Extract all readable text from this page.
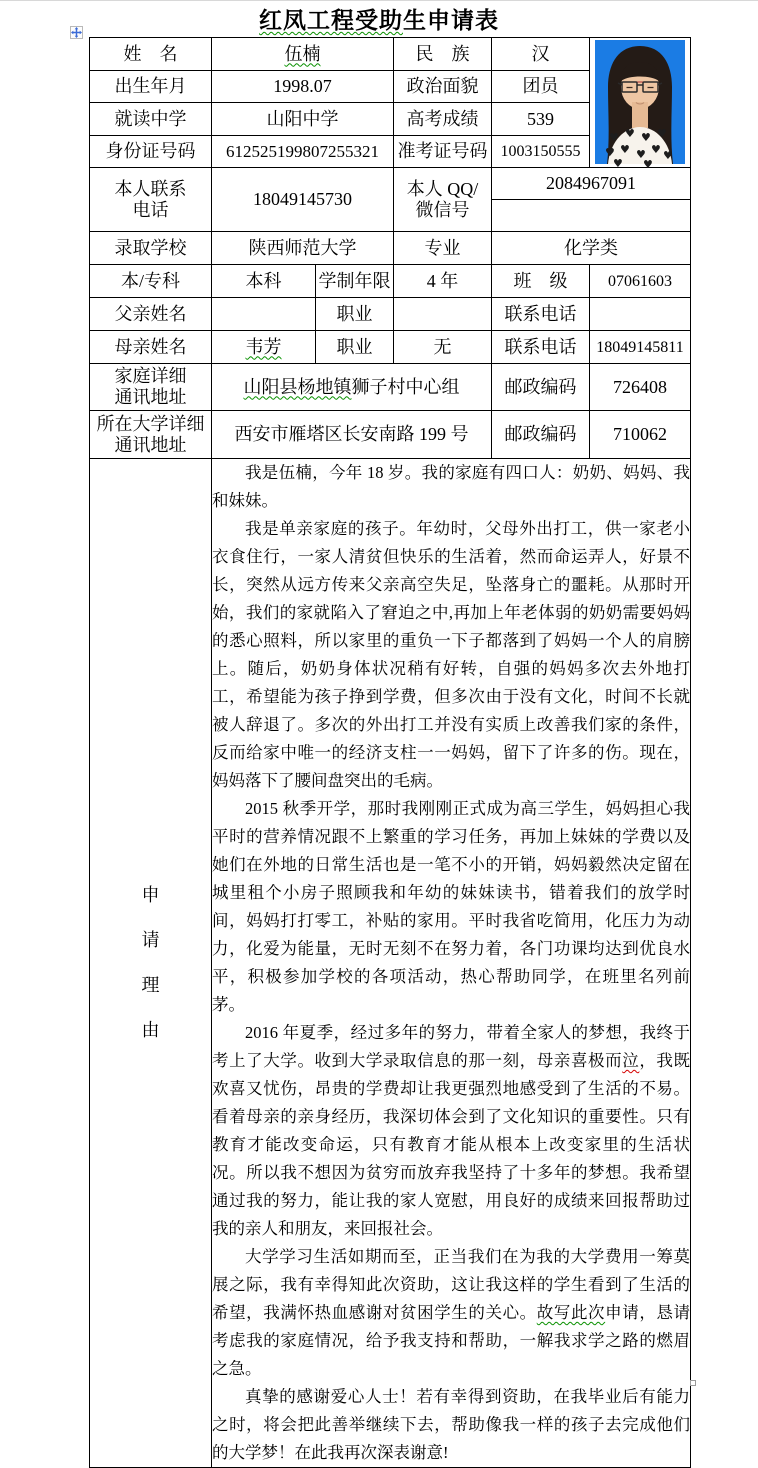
红凤工程受助生申请表
姓　名	伍楠	民　族	汉	
♥ ♥ ♥ ♥
♥ ♥ ♥ ♥ ♥
♥ ♥

出生年月	1998.07		政治面貌	团员	
就读中学	山阳中学		高考成绩	539	
身份证号码	612525199807255321		准考证号码	1003150555	

本人联系电话	18049145730		本人 QQ/微信号	2084967091	

录取学校	陕西师范大学		专业	化学类	
本/专科	本科	学制年限	4 年	班　级	07061603
父亲姓名		职业		联系电话	
母亲姓名	韦芳	职业	无	联系电话	18049145811

家庭详细通讯地址	山阳县杨地镇狮子村中心组			邮政编码	726408

所在大学详细通讯地址	西安市雁塔区长安南路 199 号			邮政编码	710062

申请理由

我是伍楠，今年 18 岁。我的家庭有四口人：奶奶、妈妈、我和妹妹。

我是单亲家庭的孩子。年幼时，父母外出打工，供一家老小衣食住行，一家人清贫但快乐的生活着，然而命运弄人，好景不长，突然从远方传来父亲高空失足，坠落身亡的噩耗。从那时开始，我们的家就陷入了窘迫之中,再加上年老体弱的奶奶需要妈妈的悉心照料，所以家里的重负一下子都落到了妈妈一个人的肩膀上。随后，奶奶身体状况稍有好转，自强的妈妈多次去外地打工，希望能为孩子挣到学费，但多次由于没有文化，时间不长就被人辞退了。多次的外出打工并没有实质上改善我们家的条件，反而给家中唯一的经济支柱一一妈妈，留下了许多的伤。现在，妈妈落下了腰间盘突出的毛病。

2015 秋季开学，那时我刚刚正式成为高三学生，妈妈担心我平时的营养情况跟不上繁重的学习任务，再加上妹妹的学费以及她们在外地的日常生活也是一笔不小的开销，妈妈毅然决定留在城里租个小房子照顾我和年幼的妹妹读书，错着我们的放学时间，妈妈打打零工，补贴的家用。平时我省吃简用，化压力为动力，化爱为能量，无时无刻不在努力着，各门功课均达到优良水平，积极参加学校的各项活动，热心帮助同学，在班里名列前茅。

2016 年夏季，经过多年的努力，带着全家人的梦想，我终于考上了大学。收到大学录取信息的那一刻，母亲喜极而泣，我既欢喜又忧伤，昂贵的学费却让我更强烈地感受到了生活的不易。看着母亲的亲身经历，我深切体会到了文化知识的重要性。只有教育才能改变命运，只有教育才能从根本上改变家里的生活状况。所以我不想因为贫穷而放弃我坚持了十多年的梦想。我希望通过我的努力，能让我的家人宽慰，用良好的成绩来回报帮助过我的亲人和朋友，来回报社会。

大学学习生活如期而至，正当我们在为我的大学费用一筹莫展之际，我有幸得知此次资助，这让我这样的学生看到了生活的希望，我满怀热血感谢对贫困学生的关心。故写此次申请，恳请考虑我的家庭情况，给予我支持和帮助，一解我求学之路的燃眉之急。

真挚的感谢爱心人士！若有幸得到资助，在我毕业后有能力之时，将会把此善举继续下去，帮助像我一样的孩子去完成他们的大学梦！在此我再次深表谢意!
